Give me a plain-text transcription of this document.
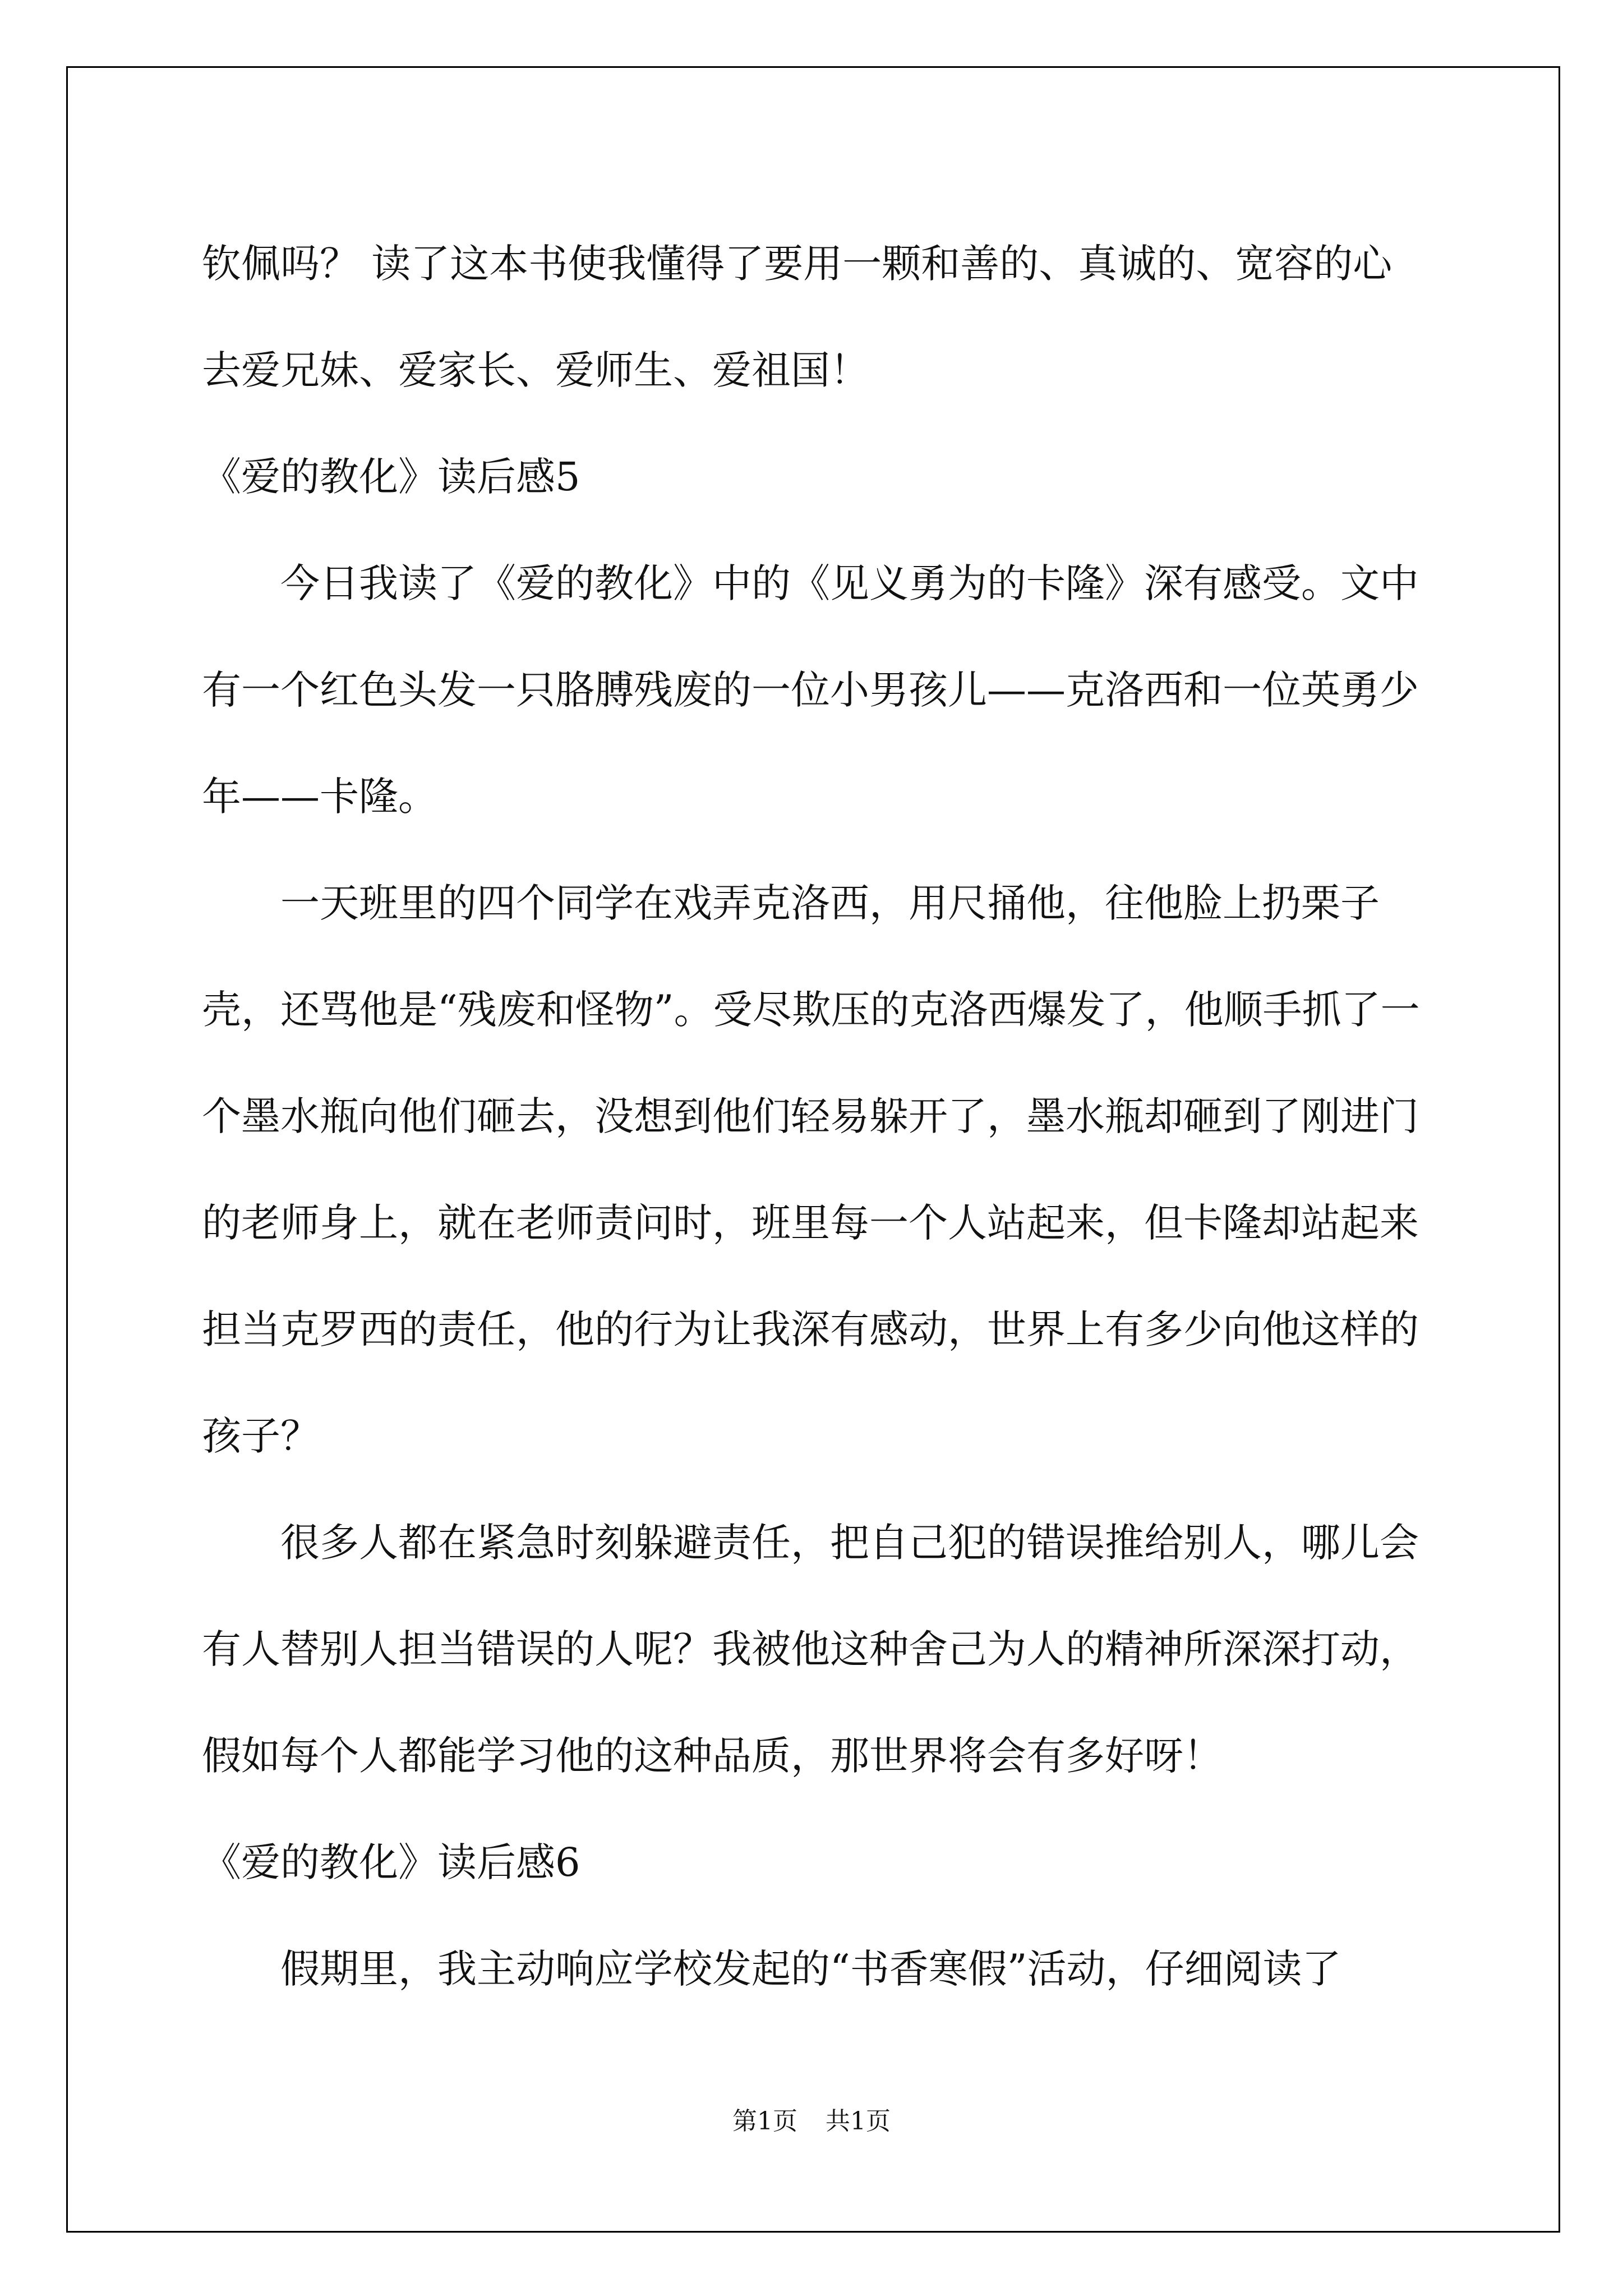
钦佩吗？ 读了这本书使我懂得了要用一颗和善的、真诚的、宽容的心去爱兄妹、爱家长、爱师生、爱祖国！

《爱的教化》读后感5

今日我读了《爱的教化》中的《见义勇为的卡隆》深有感受。文中有一个红色头发一只胳膊残废的一位小男孩儿——克洛西和一位英勇少年——卡隆。

一天班里的四个同学在戏弄克洛西，用尺捅他，往他脸上扔栗子壳，还骂他是“残废和怪物”。受尽欺压的克洛西爆发了，他顺手抓了一个墨水瓶向他们砸去，没想到他们轻易躲开了，墨水瓶却砸到了刚进门的老师身上，就在老师责问时，班里每一个人站起来，但卡隆却站起来担当克罗西的责任，他的行为让我深有感动，世界上有多少向他这样的孩子？

很多人都在紧急时刻躲避责任，把自己犯的错误推给别人，哪儿会有人替别人担当错误的人呢？我被他这种舍己为人的精神所深深打动，假如每个人都能学习他的这种品质，那世界将会有多好呀！

《爱的教化》读后感6

假期里，我主动响应学校发起的“书香寒假”活动，仔细阅读了

第1页 共1页
